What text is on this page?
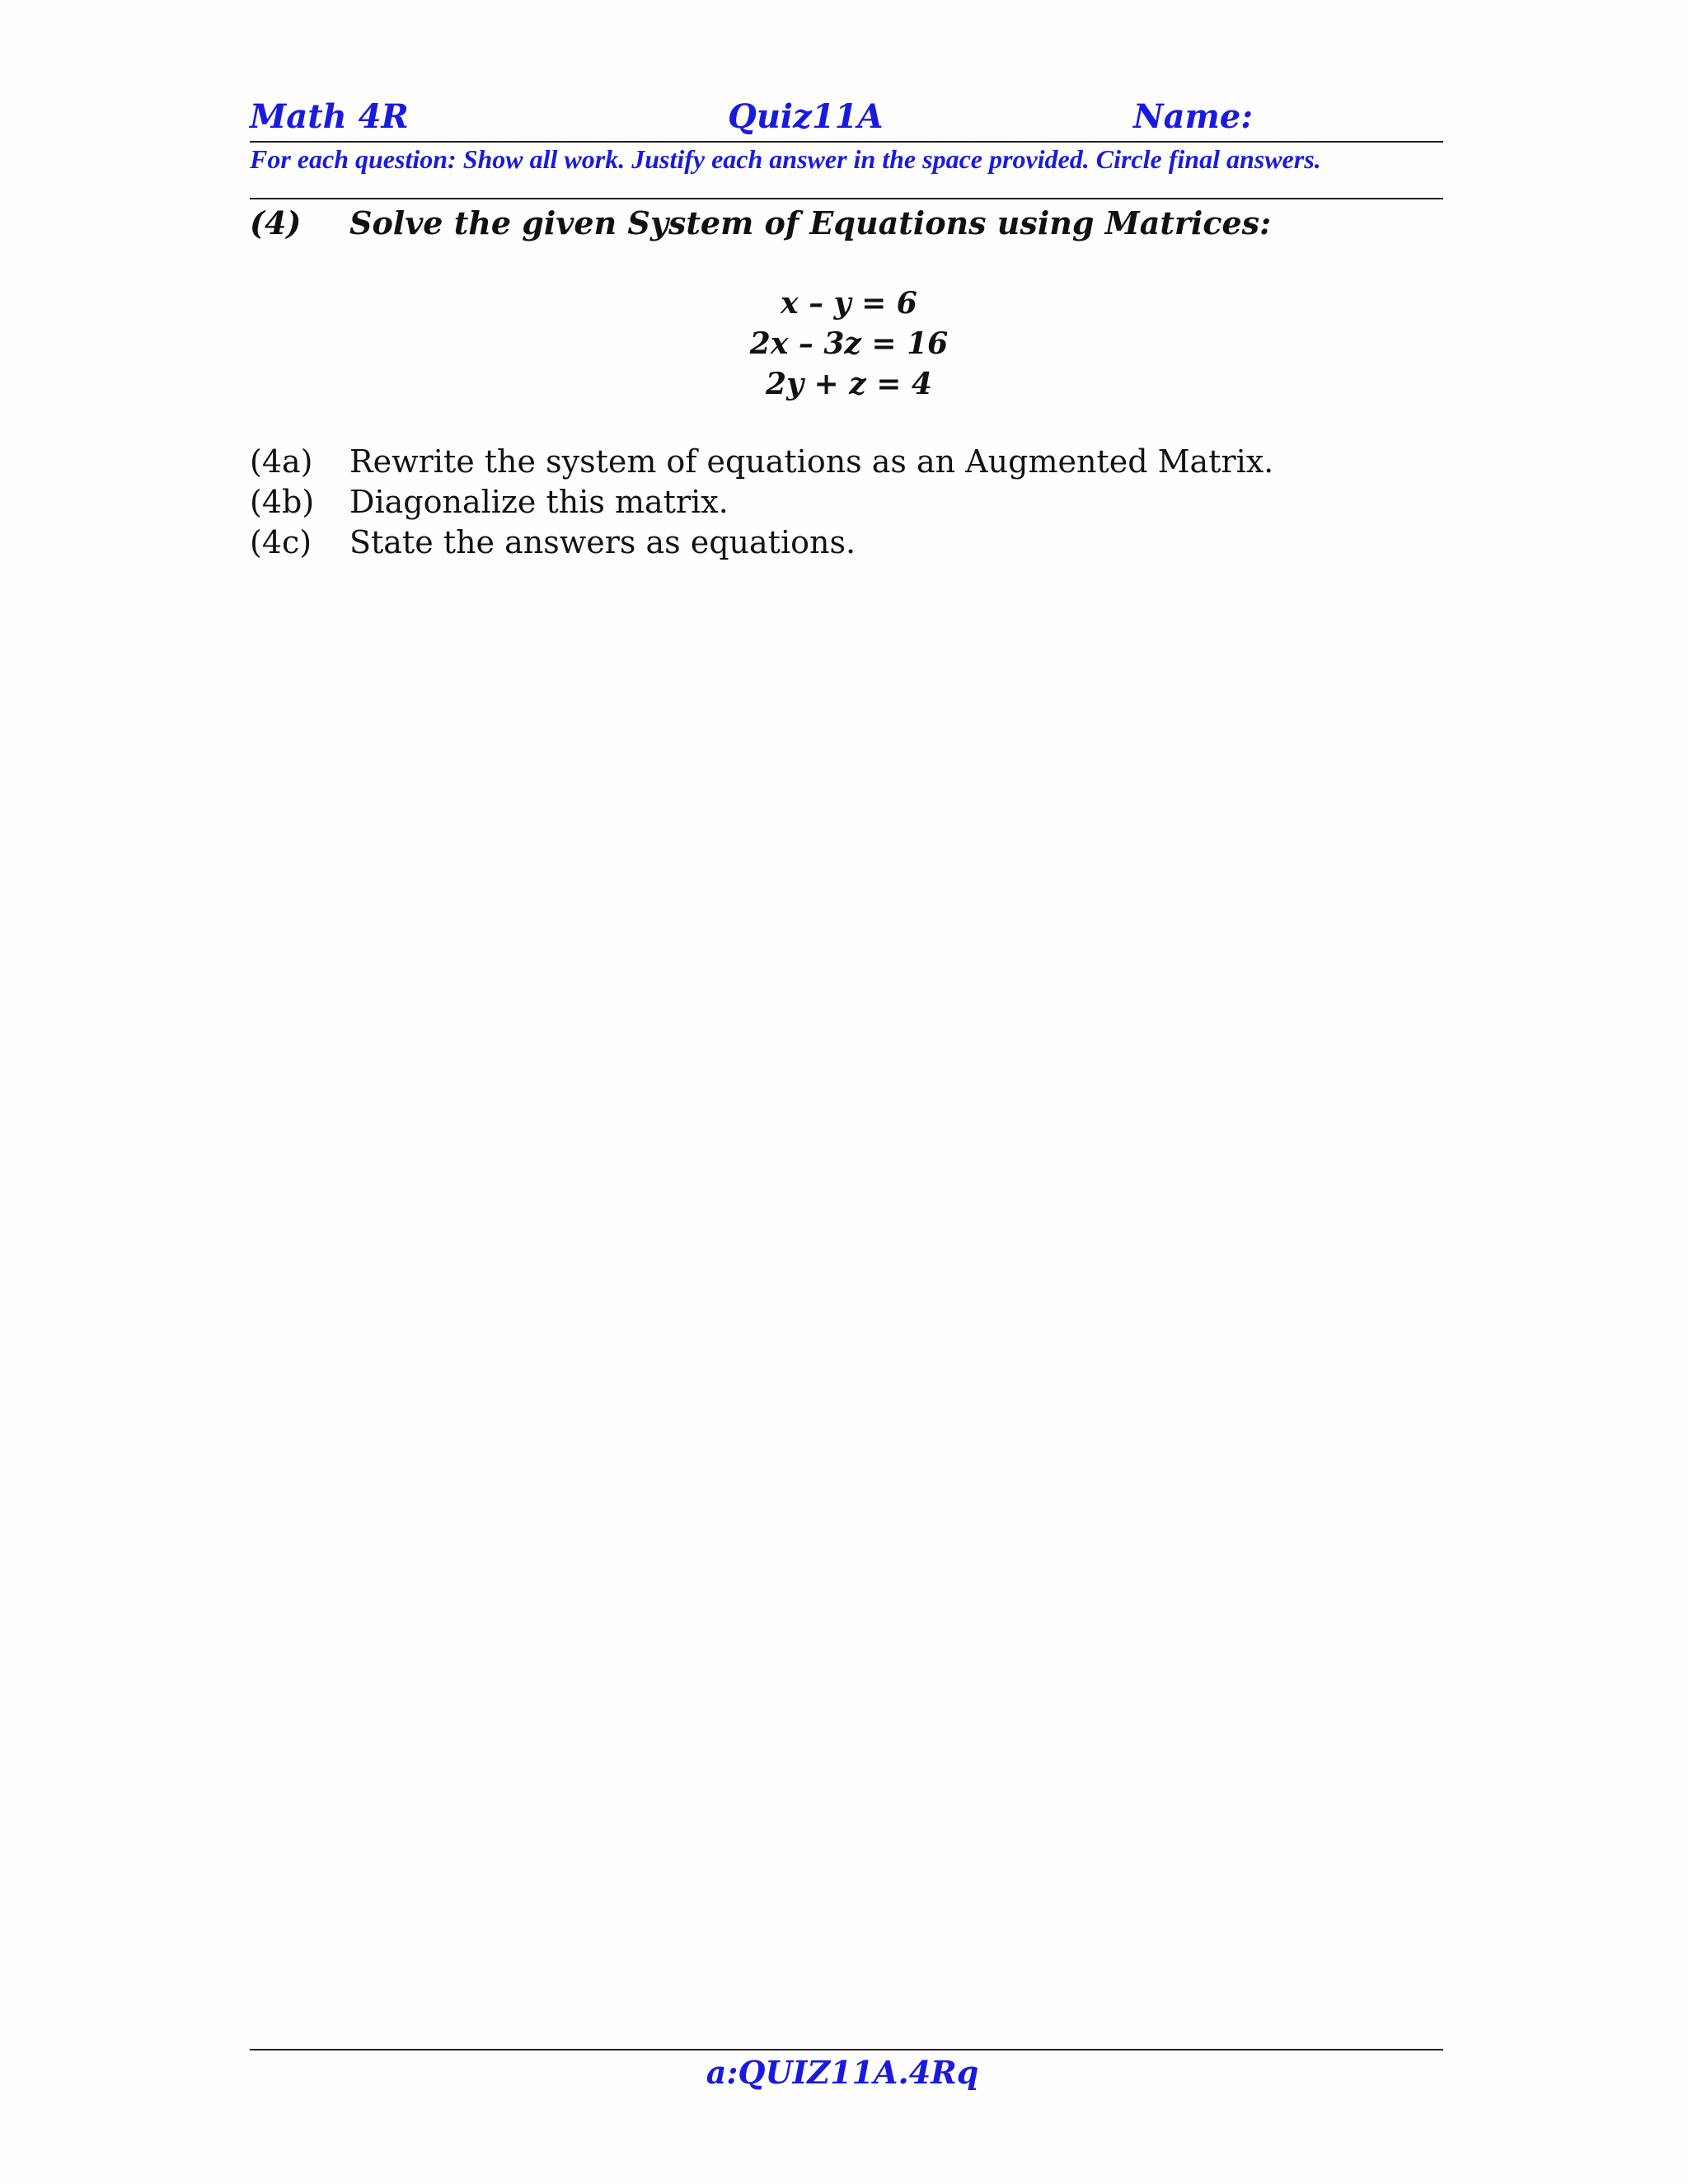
Math 4R	Quiz11A	Name:
For each question: Show all work. Justify each answer in the space provided. Circle final answers.
(4) Solve the given System of Equations using Matrices:
x – y = 6
2x – 3z = 16
2y + z = 4
(4a) Rewrite the system of equations as an Augmented Matrix.
(4b) Diagonalize this matrix.
(4c) State the answers as equations.
a:QUIZ11A.4Rq
